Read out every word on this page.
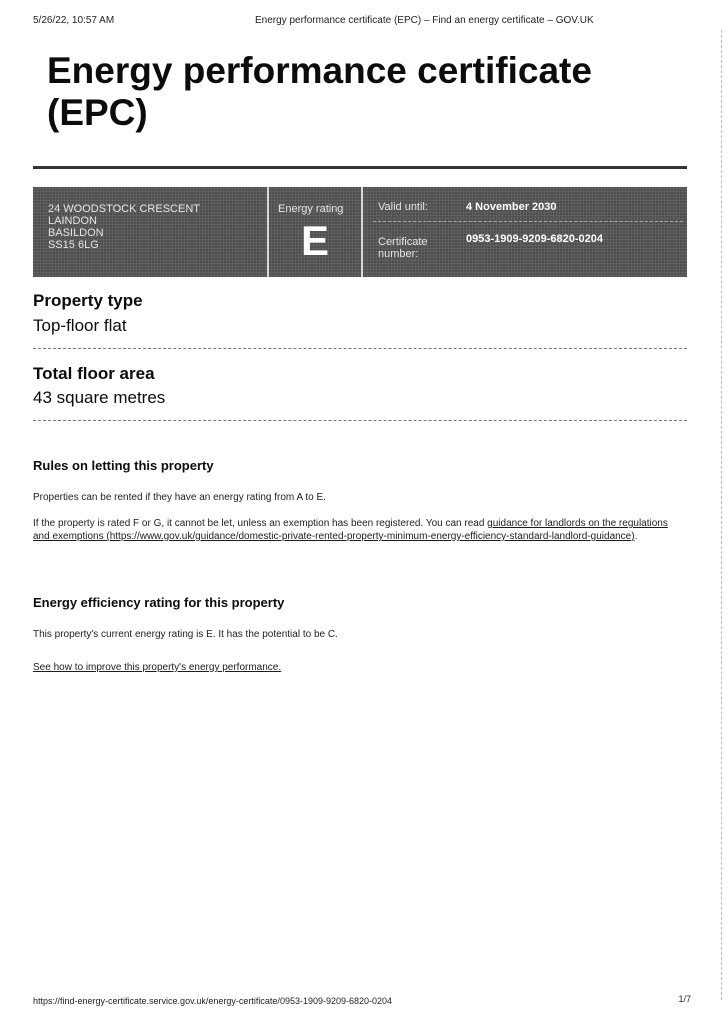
5/26/22, 10:57 AM	Energy performance certificate (EPC) – Find an energy certificate – GOV.UK
Energy performance certificate (EPC)
24 WOODSTOCK CRESCENT
LAINDON
BASILDON
SS15 6LG
Energy rating
E
Valid until:	4 November 2030
Certificate number:
0953-1909-9209-6820-0204
Property type
Top-floor flat
Total floor area
43 square metres
Rules on letting this property

Properties can be rented if they have an energy rating from A to E.

If the property is rated F or G, it cannot be let, unless an exemption has been registered. You can read guidance for landlords on the regulations and exemptions (https://www.gov.uk/guidance/domestic-private-rented-property-minimum-energy-efficiency-standard-landlord-guidance).

Energy efficiency rating for this property

This property's current energy rating is E. It has the potential to be C.

See how to improve this property's energy performance.

https://find-energy-certificate.service.gov.uk/energy-certificate/0953-1909-9209-6820-0204	1/7
